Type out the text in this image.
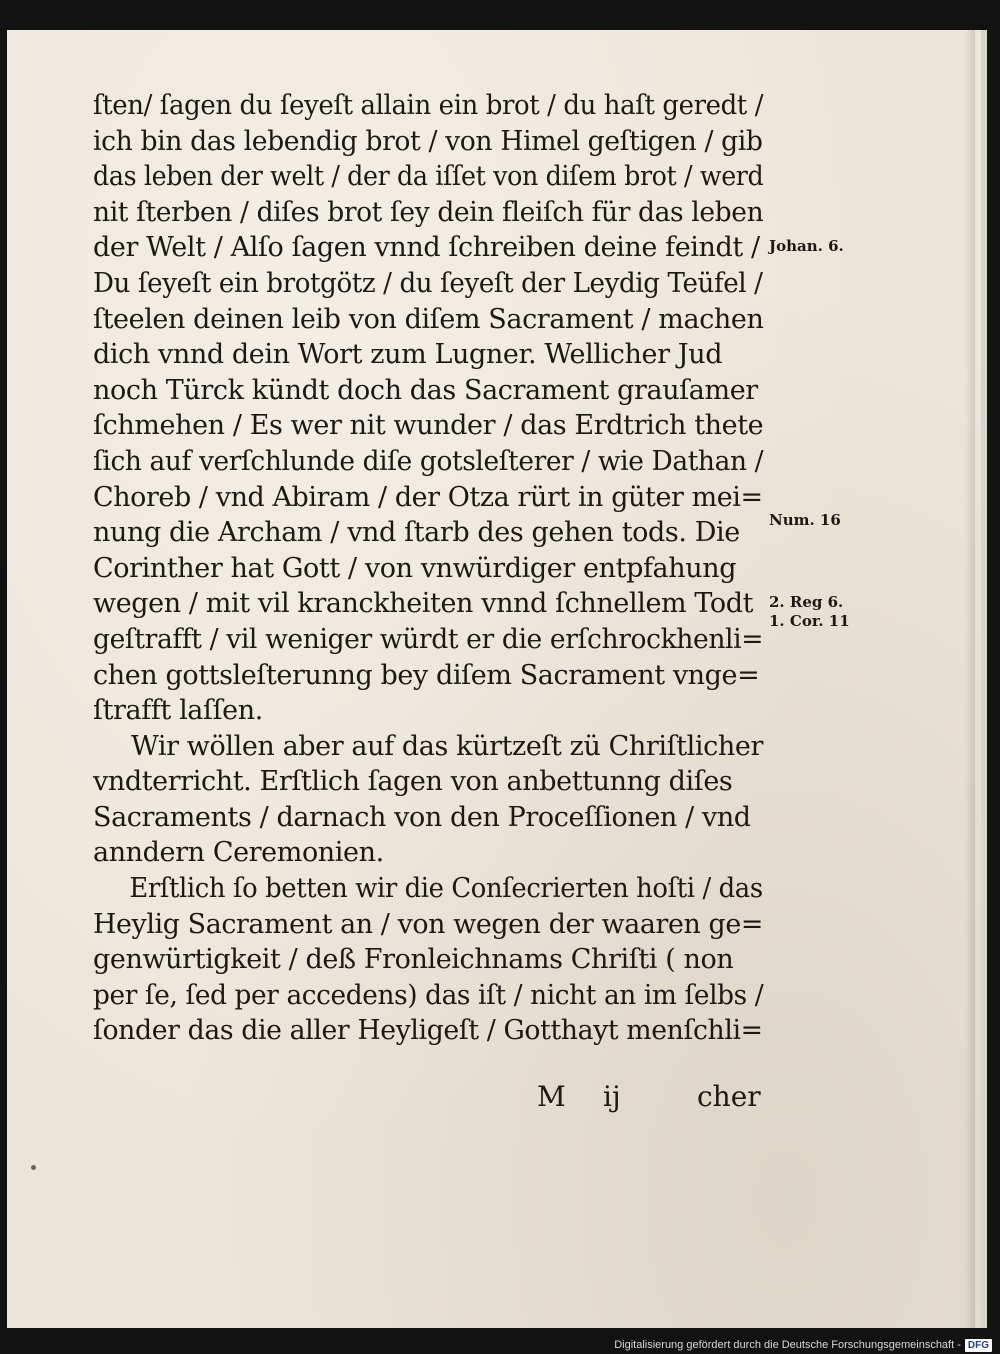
ſten/ ſagen du ſeyeſt allain ein brot / du haſt geredt /
ich bin das lebendig brot / von Himel geſtigen / gib
das leben der welt / der da iſſet von diſem brot / werd
nit ſterben / diſes brot ſey dein fleiſch für das leben
der Welt / Alſo ſagen vnnd ſchreiben deine feindt /
Du ſeyeſt ein brotgötz / du ſeyeſt der Leydig Teüfel /
ſteelen deinen leib von diſem Sacrament / machen
dich vnnd dein Wort zum Lugner. Wellicher Jud
noch Türck kündt doch das Sacrament grauſamer
ſchmehen / Es wer nit wunder / das Erdtrich thete
ſich auf verſchlunde diſe gotsleſterer / wie Dathan /
Choreb / vnd Abiram / der Otza rürt in güter mei=
nung die Archam / vnd ſtarb des gehen tods. Die
Corinther hat Gott / von vnwürdiger entpfahung
wegen / mit vil kranckheiten vnnd ſchnellem Todt
geſtrafft / vil weniger würdt er die erſchrockhenli=
chen gottsleſterunng bey diſem Sacrament vnge=
ſtrafft laſſen.
Wir wöllen aber auf das kürtzeſt zü Chriſtlicher
vndterricht. Erſtlich ſagen von anbettunng diſes
Sacraments / darnach von den Proceſſionen / vnd
anndern Ceremonien.
Erſtlich ſo betten wir die Conſecrierten hoſti / das
Heylig Sacrament an / von wegen der waaren ge=
genwürtigkeit / deß Fronleichnams Chriſti ( non
per ſe, ſed per accedens) das iſt / nicht an im ſelbs /
ſonder das die aller Heyligeſt / Gotthayt menſchli=
M ij	cher
Johan. 6.
Num. 16
2. Reg 6.
1. Cor. 11
Digitalisierung gefördert durch die Deutsche Forschungsgemeinschaft - DFG
